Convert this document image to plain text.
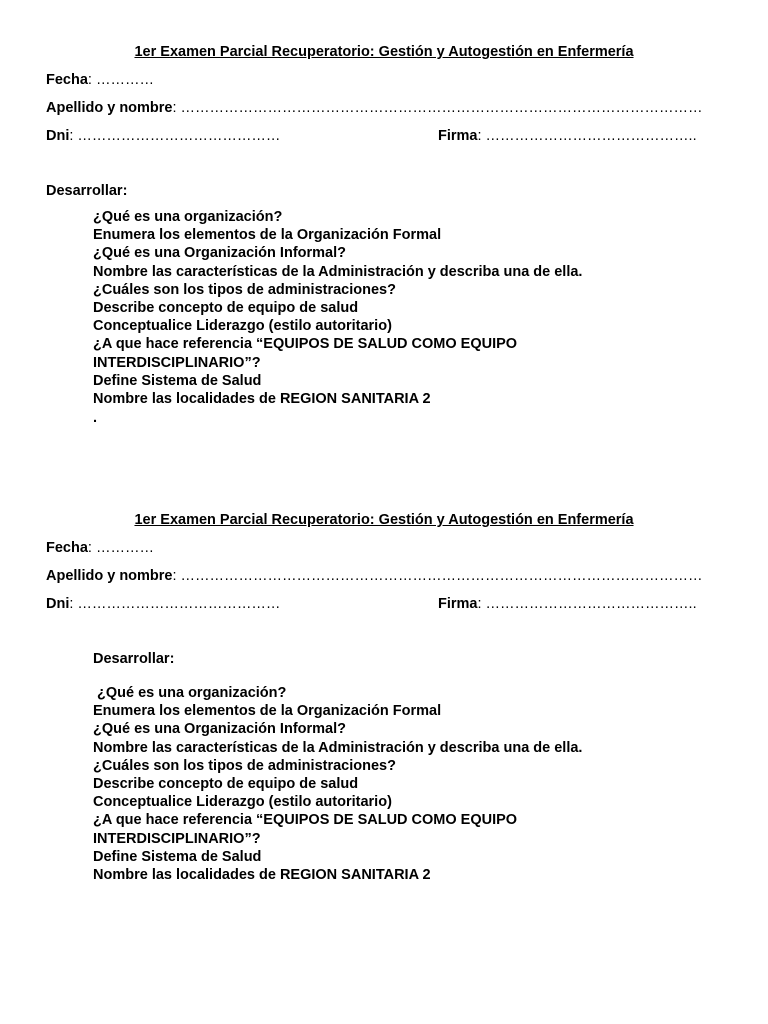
1er Examen Parcial Recuperatorio: Gestión y Autogestión en Enfermería
Fecha: …………
Apellido y nombre: ………………………………………………………………………………………………
Dni: ……………………………………	Firma: ……………………………………..
Desarrollar:
¿Qué es una organización?
Enumera los elementos de la Organización Formal
¿Qué es una Organización Informal?
Nombre las características de la Administración y describa una de ella.
¿Cuáles son los tipos de administraciones?
Describe concepto de equipo de salud
Conceptualice Liderazgo (estilo autoritario)
¿A que hace referencia “EQUIPOS DE SALUD COMO EQUIPO INTERDISCIPLINARIO”?
Define Sistema de Salud
Nombre las localidades de REGION SANITARIA 2
.
1er Examen Parcial Recuperatorio: Gestión y Autogestión en Enfermería
Fecha: …………
Apellido y nombre: ………………………………………………………………………………………………
Dni: ……………………………………	Firma: ……………………………………..
Desarrollar:
¿Qué es una organización?
Enumera los elementos de la Organización Formal
¿Qué es una Organización Informal?
Nombre las características de la Administración y describa una de ella.
¿Cuáles son los tipos de administraciones?
Describe concepto de equipo de salud
Conceptualice Liderazgo (estilo autoritario)
¿A que hace referencia “EQUIPOS DE SALUD COMO EQUIPO INTERDISCIPLINARIO”?
Define Sistema de Salud
Nombre las localidades de REGION SANITARIA 2
